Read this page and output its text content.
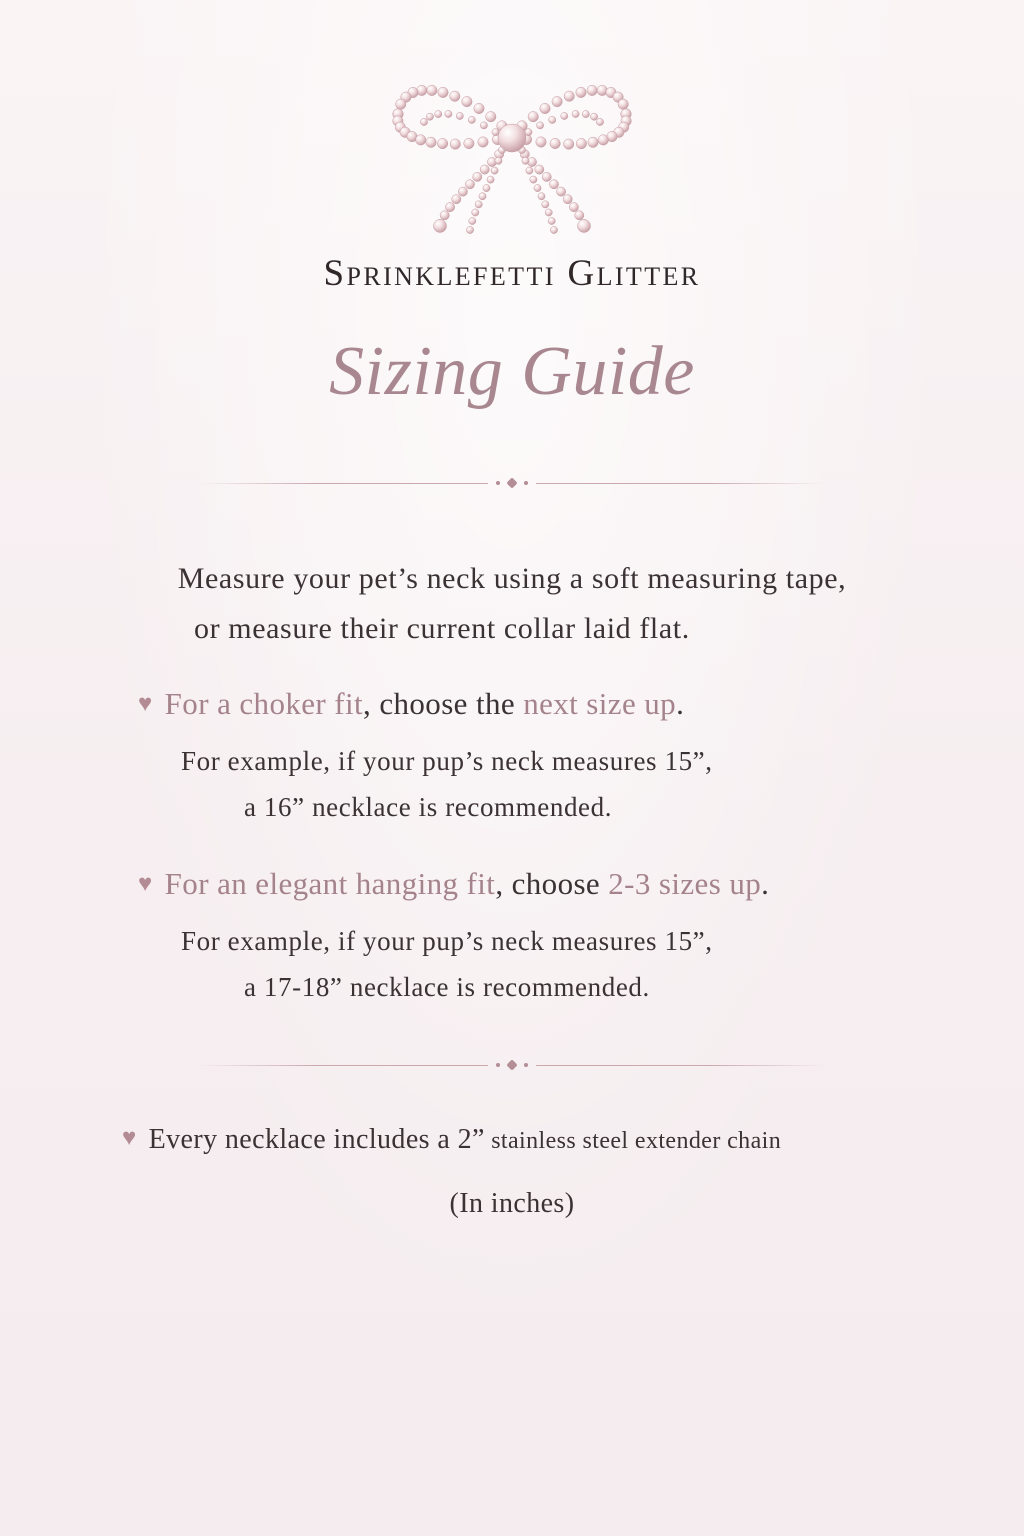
Sprinklefetti Glitter
Sizing Guide
Measure your pet’s neck using a soft measuring tape,
or measure their current collar laid flat.
♥ For a choker fit, choose the next size up.
For example, if your pup’s neck measures 15”,
a 16” necklace is recommended.
♥ For an elegant hanging fit, choose 2-3 sizes up.
For example, if your pup’s neck measures 15”,
a 17-18” necklace is recommended.
♥ Every necklace includes a 2” stainless steel extender chain
(In inches)
